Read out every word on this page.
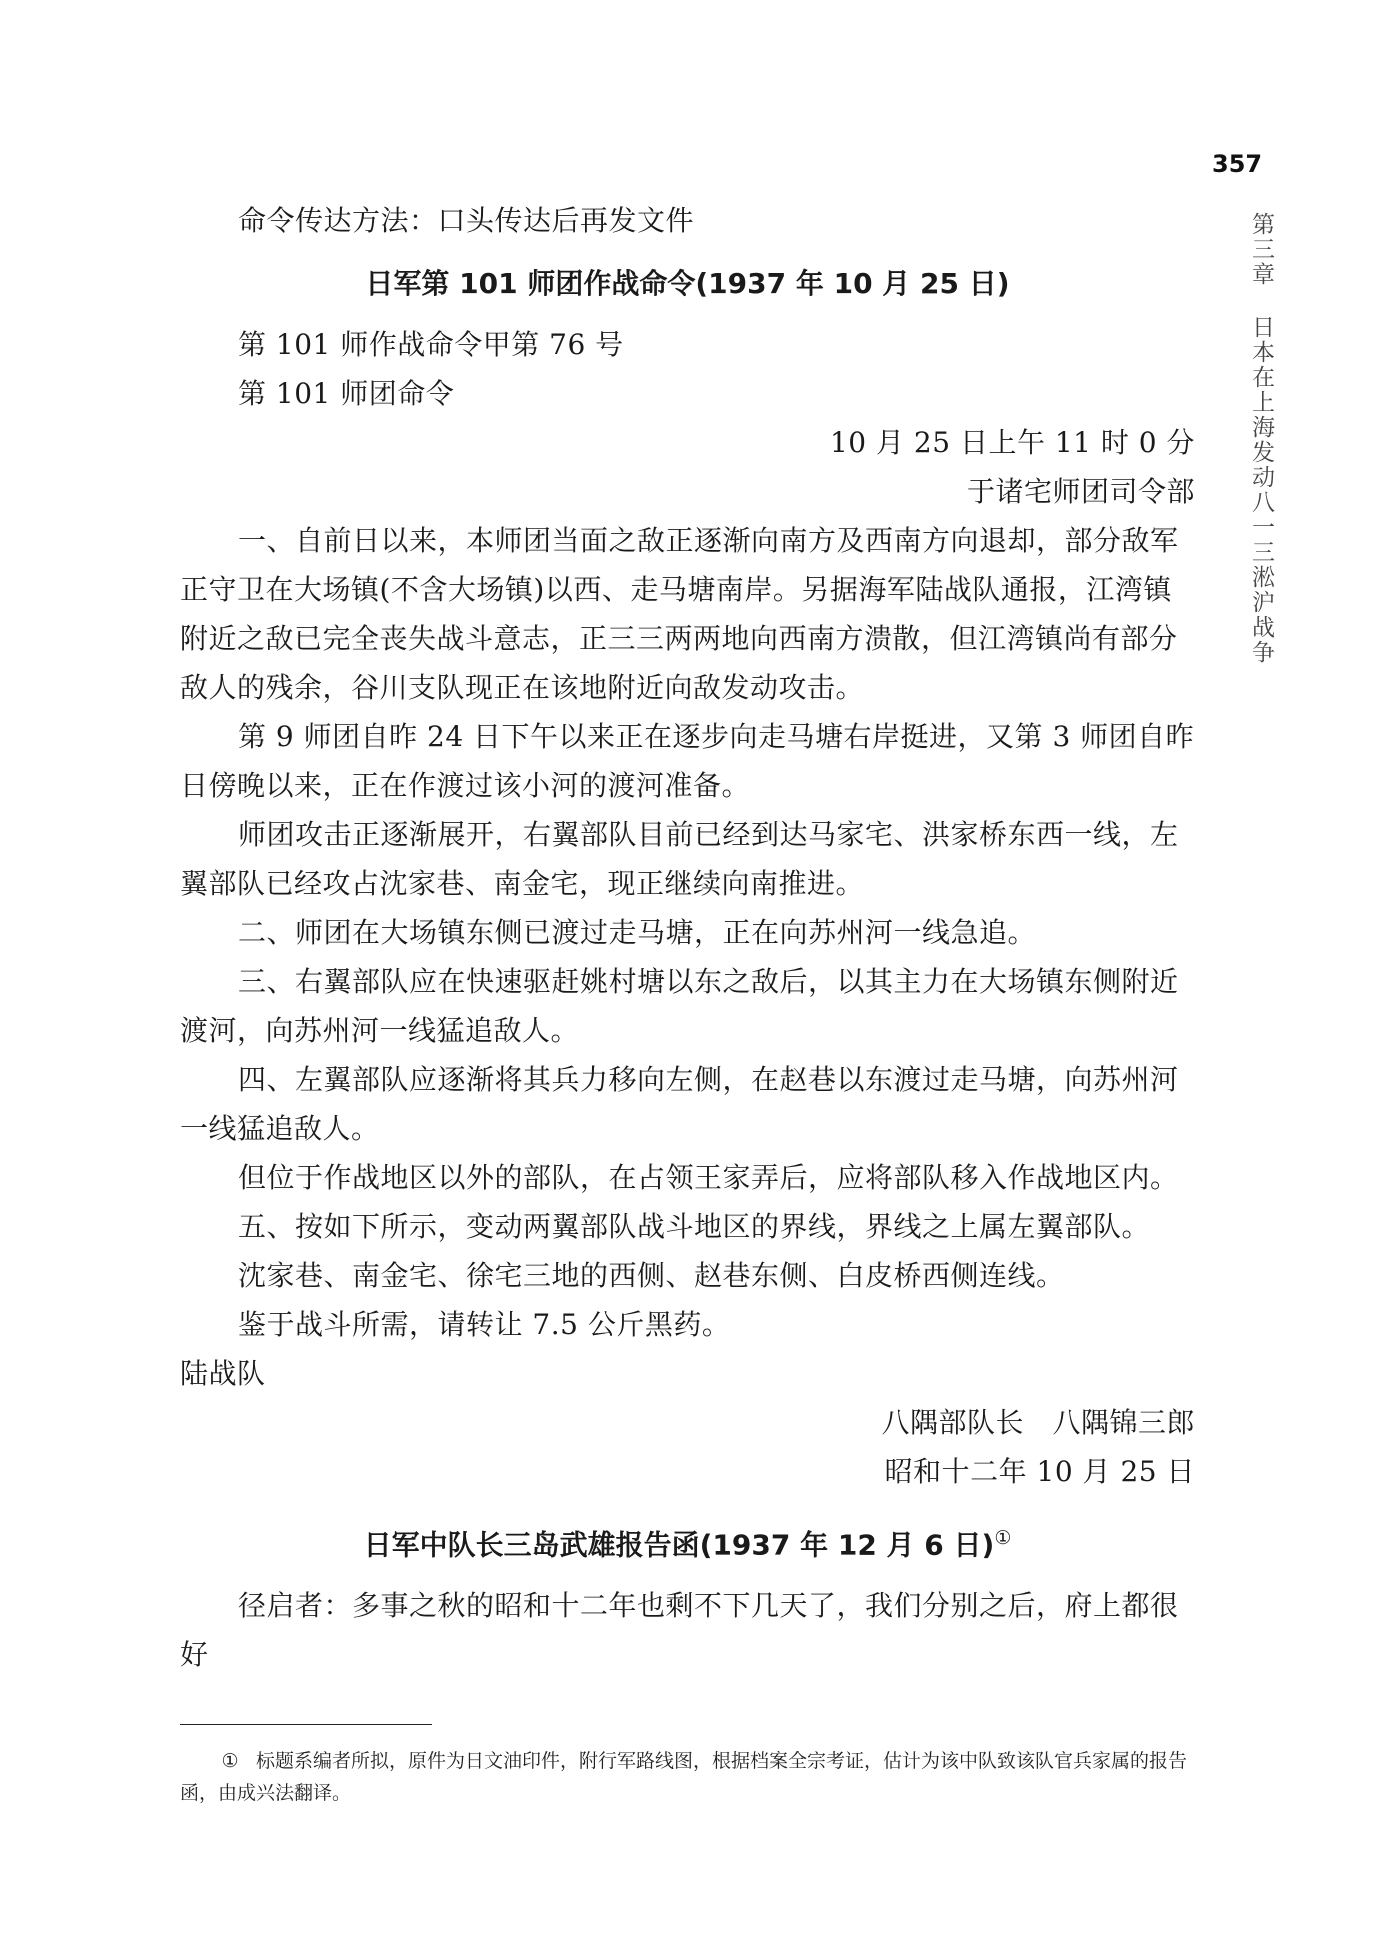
357
第三章日本在上海发动八一三淞沪战争

命令传达方法：口头传达后再发文件

日军第 101 师团作战命令(1937 年 10 月 25 日)

第 101 师作战命令甲第 76 号

第 101 师团命令

10 月 25 日上午 11 时 0 分

于诸宅师团司令部

一、自前日以来，本师团当面之敌正逐渐向南方及西南方向退却，部分敌军正守卫在大场镇(不含大场镇)以西、走马塘南岸。另据海军陆战队通报，江湾镇附近之敌已完全丧失战斗意志，正三三两两地向西南方溃散，但江湾镇尚有部分敌人的残余，谷川支队现正在该地附近向敌发动攻击。

第 9 师团自昨 24 日下午以来正在逐步向走马塘右岸挺进，又第 3 师团自昨日傍晚以来，正在作渡过该小河的渡河准备。

师团攻击正逐渐展开，右翼部队目前已经到达马家宅、洪家桥东西一线，左翼部队已经攻占沈家巷、南金宅，现正继续向南推进。

二、师团在大场镇东侧已渡过走马塘，正在向苏州河一线急追。

三、右翼部队应在快速驱赶姚村塘以东之敌后，以其主力在大场镇东侧附近渡河，向苏州河一线猛追敌人。

四、左翼部队应逐渐将其兵力移向左侧，在赵巷以东渡过走马塘，向苏州河一线猛追敌人。

但位于作战地区以外的部队，在占领王家弄后，应将部队移入作战地区内。

五、按如下所示，变动两翼部队战斗地区的界线，界线之上属左翼部队。

沈家巷、南金宅、徐宅三地的西侧、赵巷东侧、白皮桥西侧连线。

鉴于战斗所需，请转让 7.5 公斤黑药。

陆战队

八隅部队长　八隅锦三郎

昭和十二年 10 月 25 日

日军中队长三岛武雄报告函(1937 年 12 月 6 日)①

径启者：多事之秋的昭和十二年也剩不下几天了，我们分别之后，府上都很好

① 标题系编者所拟，原件为日文油印件，附行军路线图，根据档案全宗考证，估计为该中队致该队官兵家属的报告函，由成兴法翻译。
